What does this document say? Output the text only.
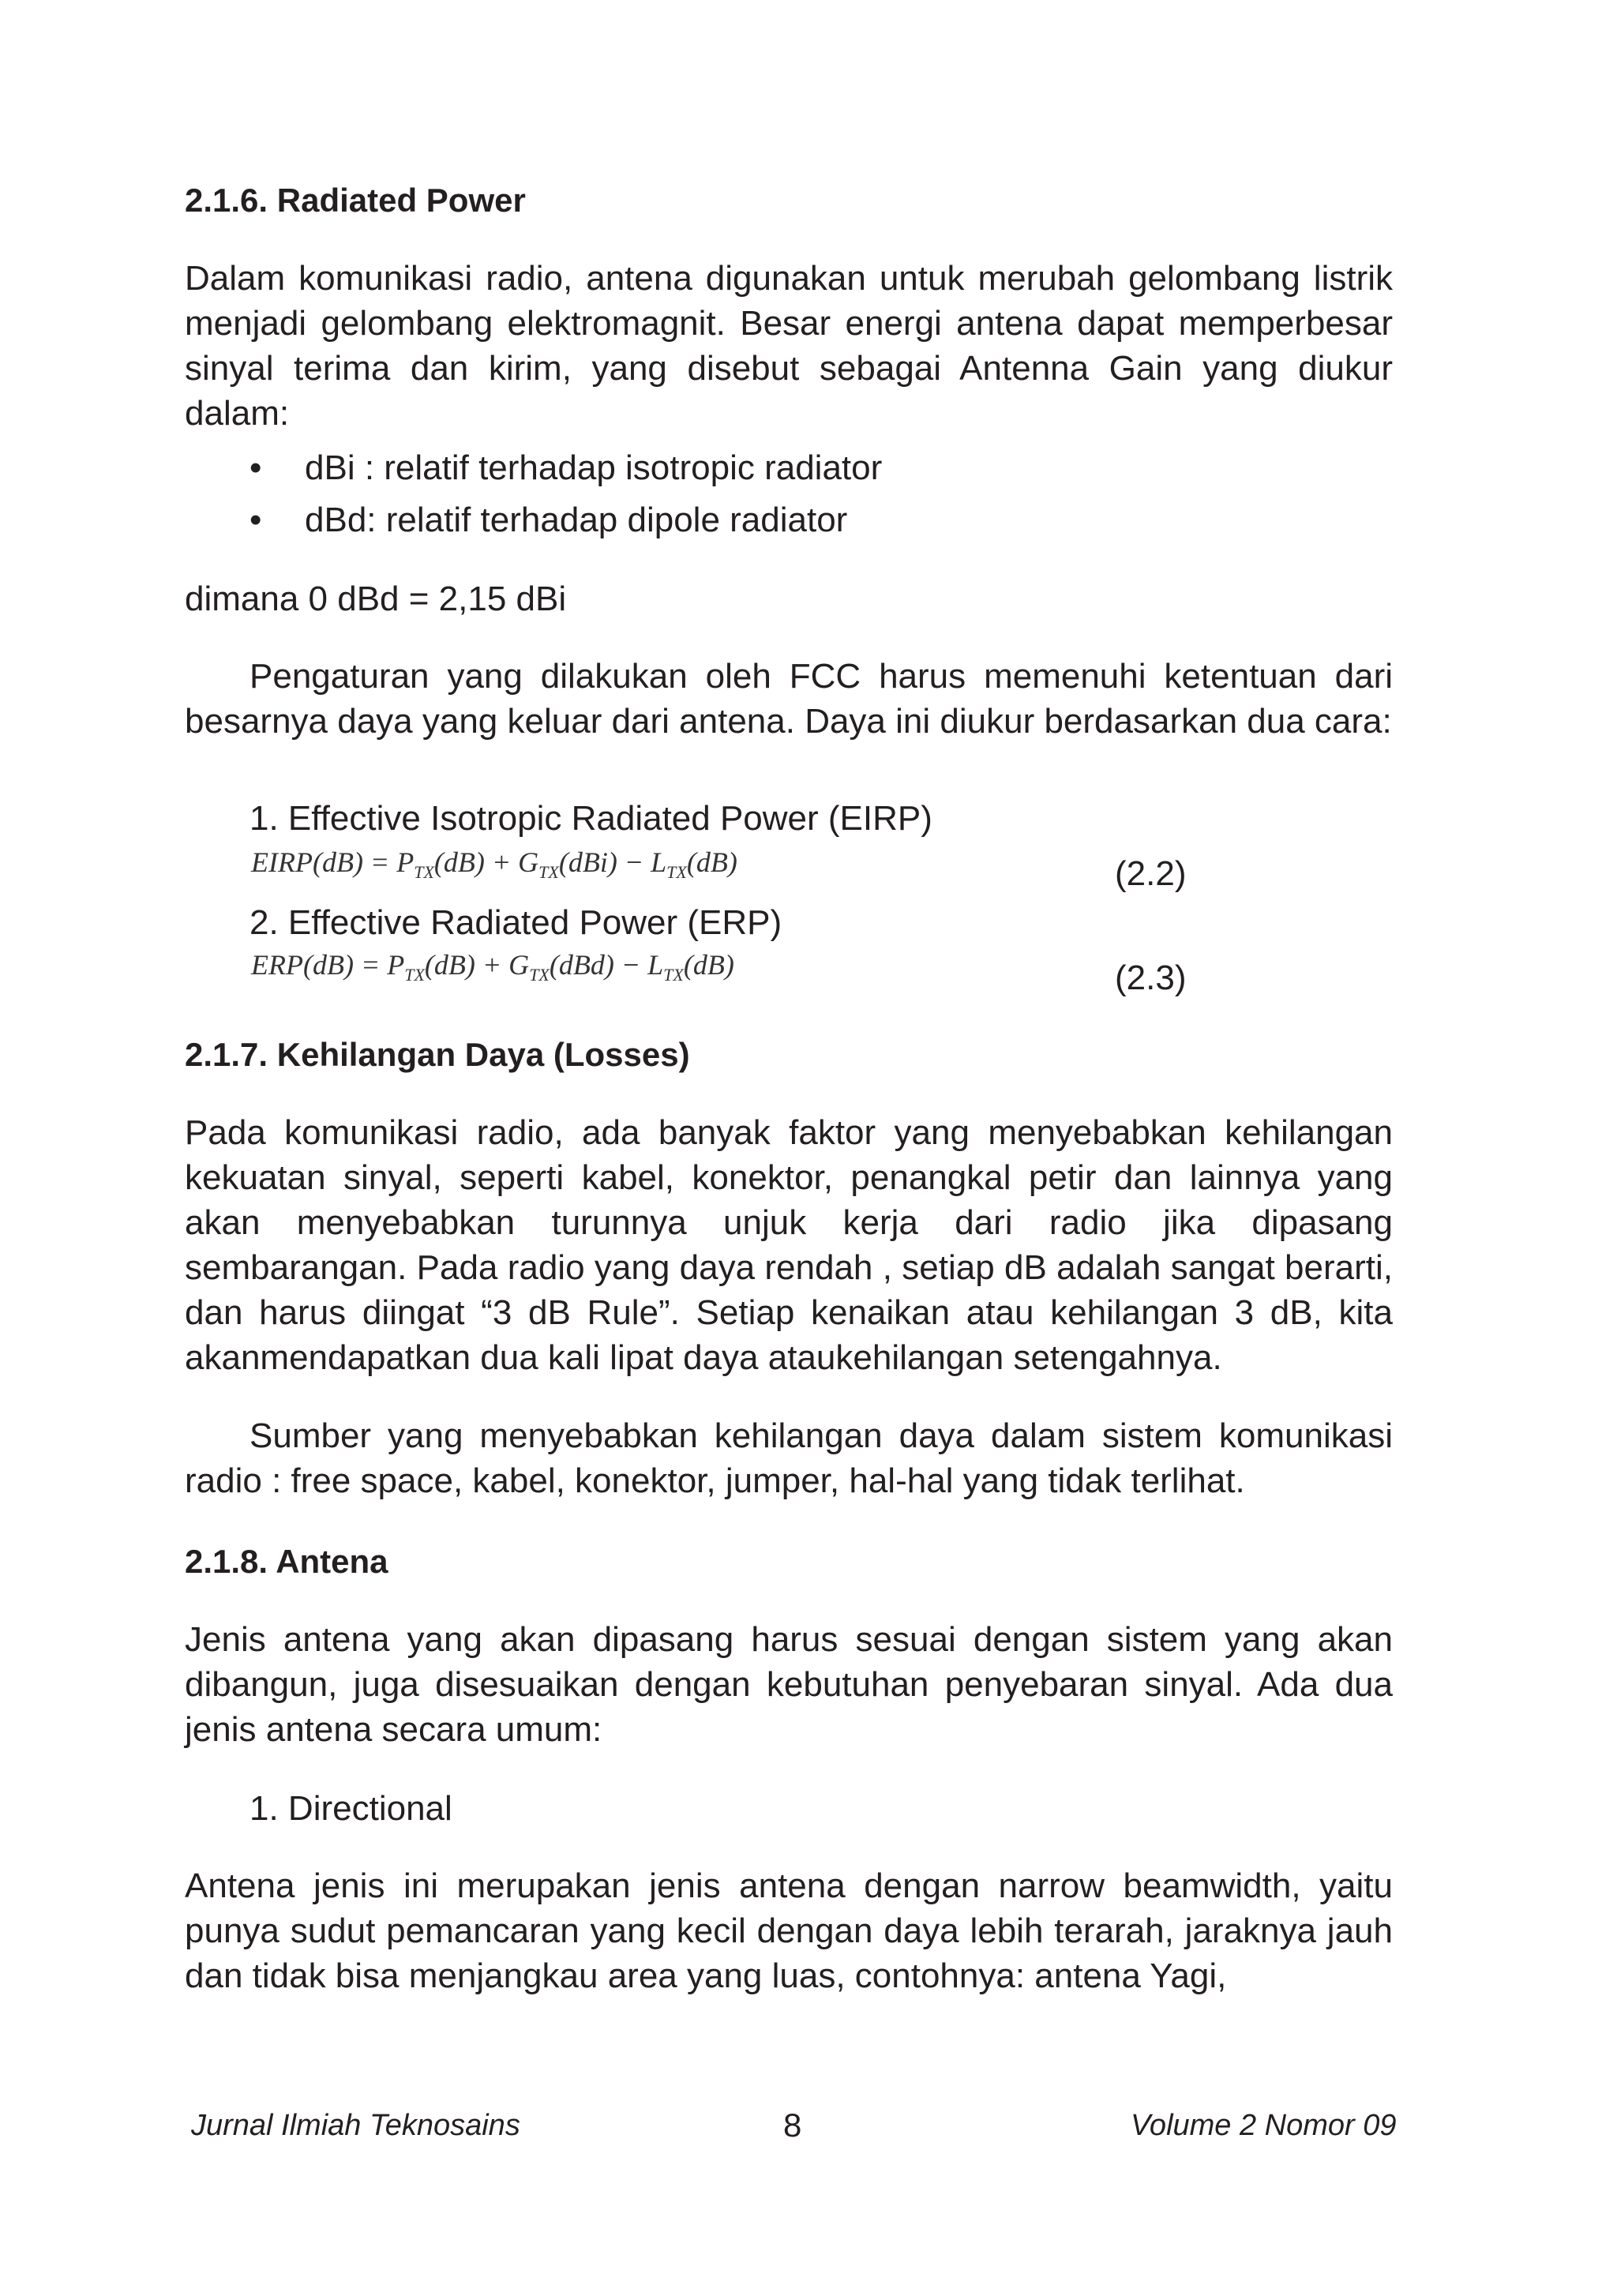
2.1.6. Radiated Power

Dalam komunikasi radio, antena digunakan untuk merubah gelombang listrik menjadi gelombang elektromagnit. Besar energi antena dapat memperbesar sinyal terima dan kirim, yang disebut sebagai Antenna Gain yang diukur dalam:

• dBi : relatif terhadap isotropic radiator
• dBd: relatif terhadap dipole radiator

dimana 0 dBd = 2,15 dBi

Pengaturan yang dilakukan oleh FCC harus memenuhi ketentuan dari besarnya daya yang keluar dari antena. Daya ini diukur berdasarkan dua cara:

1. Effective Isotropic Radiated Power (EIRP)

EIRP(dB) = $P_{TX}(dB) + G_{TX}(dBi) - L_{TX}(dB)$	(2.2)

2. Effective Radiated Power (ERP)

$ERP(dB) = P_{TX}(dB) + G_{TX}(dBd) - L_{TX}(dB)$	(2.3)

2.1.7. Kehilangan Daya (Losses)

Pada komunikasi radio, ada banyak faktor yang menyebabkan kehilangan kekuatan sinyal, seperti kabel, konektor, penangkal petir dan lainnya yang akan menyebabkan turunnya unjuk kerja dari radio jika dipasang sembarangan. Pada radio yang daya rendah , setiap dB adalah sangat berarti, dan harus diingat “3 dB Rule”. Setiap kenaikan atau kehilangan 3 dB, kita akanmendapatkan dua kali lipat daya ataukehilangan setengahnya.

Sumber yang menyebabkan kehilangan daya dalam sistem komunikasi radio : free space, kabel, konektor, jumper, hal-hal yang tidak terlihat.

2.1.8. Antena

Jenis antena yang akan dipasang harus sesuai dengan sistem yang akan dibangun, juga disesuaikan dengan kebutuhan penyebaran sinyal. Ada dua jenis antena secara umum:

1. Directional

Antena jenis ini merupakan jenis antena dengan narrow beamwidth, yaitu punya sudut pemancaran yang kecil dengan daya lebih terarah, jaraknya jauh dan tidak bisa menjangkau area yang luas, contohnya: antena Yagi,

Jurnal Ilmiah Teknosains	8	Volume 2 Nomor 09
